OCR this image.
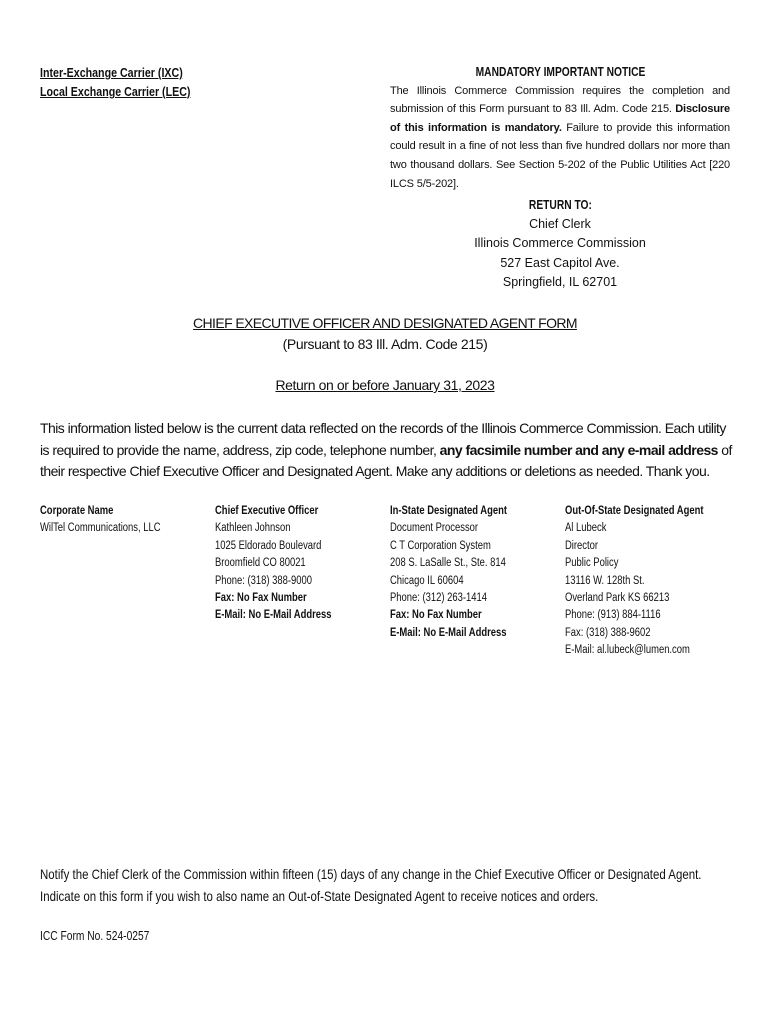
Inter-Exchange Carrier (IXC)
Local Exchange Carrier (LEC)
MANDATORY IMPORTANT NOTICE
The Illinois Commerce Commission requires the completion and submission of this Form pursuant to 83 Ill. Adm. Code 215. Disclosure of this information is mandatory. Failure to provide this information could result in a fine of not less than five hundred dollars nor more than two thousand dollars. See Section 5-202 of the Public Utilities Act [220 ILCS 5/5-202].
RETURN TO:
Chief Clerk
Illinois Commerce Commission
527 East Capitol Ave.
Springfield, IL 62701
CHIEF EXECUTIVE OFFICER AND DESIGNATED AGENT FORM
(Pursuant to 83 Ill. Adm. Code 215)
Return on or before January 31, 2023
This information listed below is the current data reflected on the records of the Illinois Commerce Commission. Each utility is required to provide the name, address, zip code, telephone number, any facsimile number and any e-mail address of their respective Chief Executive Officer and Designated Agent. Make any additions or deletions as needed. Thank you.
Corporate Name
WilTel Communications, LLC
Chief Executive Officer
Kathleen Johnson
1025 Eldorado Boulevard
Broomfield CO 80021
Phone: (318) 388-9000
Fax: No Fax Number
E-Mail: No E-Mail Address
In-State Designated Agent
Document Processor
C T Corporation System
208 S. LaSalle St., Ste. 814
Chicago IL 60604
Phone: (312) 263-1414
Fax: No Fax Number
E-Mail: No E-Mail Address
Out-Of-State Designated Agent
Al Lubeck
Director
Public Policy
13116 W. 128th St.
Overland Park KS 66213
Phone: (913) 884-1116
Fax: (318) 388-9602
E-Mail: al.lubeck@lumen.com
Notify the Chief Clerk of the Commission within fifteen (15) days of any change in the Chief Executive Officer or Designated Agent.
Indicate on this form if you wish to also name an Out-of-State Designated Agent to receive notices and orders.
ICC Form No. 524-0257
